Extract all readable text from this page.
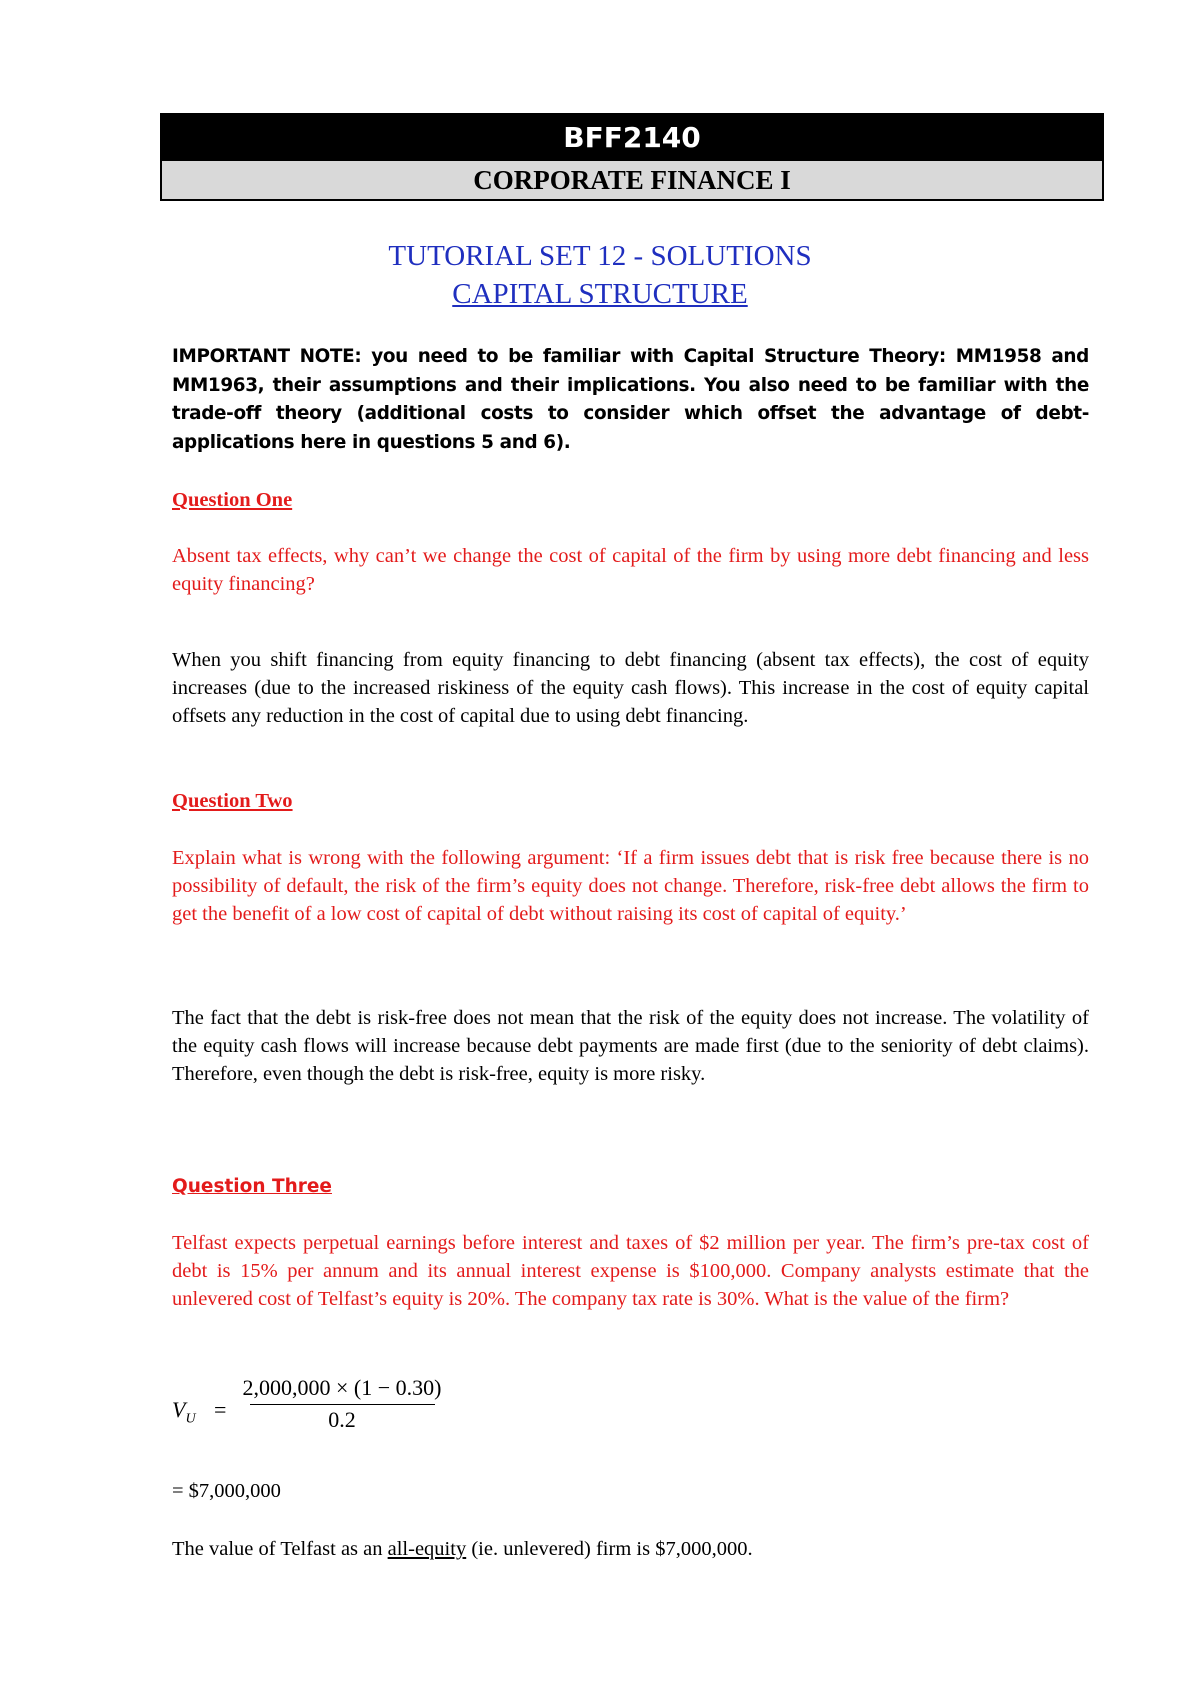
BFF2140
CORPORATE FINANCE I
TUTORIAL SET 12 - SOLUTIONS
CAPITAL STRUCTURE

IMPORTANT NOTE: you need to be familiar with Capital Structure Theory: MM1958 and MM1963, their assumptions and their implications. You also need to be familiar with the trade-off theory (additional costs to consider which offset the advantage of debt- applications here in questions 5 and 6).

Question One

Absent tax effects, why can’t we change the cost of capital of the firm by using more debt financing and less equity financing?

When you shift financing from equity financing to debt financing (absent tax effects), the cost of equity increases (due to the increased riskiness of the equity cash flows). This increase in the cost of equity capital offsets any reduction in the cost of capital due to using debt financing.

Question Two

Explain what is wrong with the following argument: ‘If a firm issues debt that is risk free because there is no possibility of default, the risk of the firm’s equity does not change. Therefore, risk-free debt allows the firm to get the benefit of a low cost of capital of debt without raising its cost of capital of equity.’

The fact that the debt is risk-free does not mean that the risk of the equity does not increase. The volatility of the equity cash flows will increase because debt payments are made first (due to the seniority of debt claims). Therefore, even though the debt is risk-free, equity is more risky.

Question Three

Telfast expects perpetual earnings before interest and taxes of $2 million per year. The firm’s pre-tax cost of debt is 15% per annum and its annual interest expense is $100,000. Company analysts estimate that the unlevered cost of Telfast’s equity is 20%. The company tax rate is 30%. What is the value of the firm?

$V_U$ =
2,000,000 × (1 − 0.30)
0.2
= $7,000,000

The value of Telfast as an all-equity (ie. unlevered) firm is $7,000,000.
